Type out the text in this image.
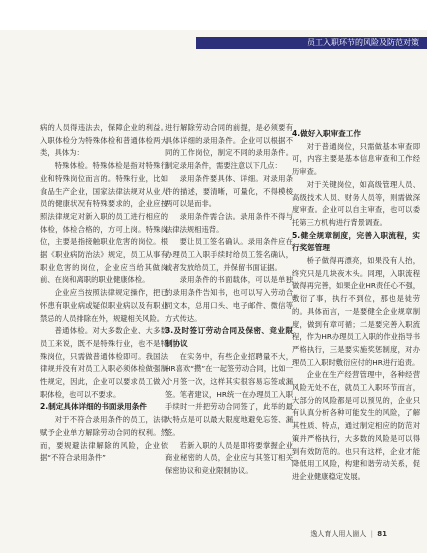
员工入职环节的风险及防范对策

病的人员得违法去，保障企业的利益。入职体检分为特殊体检和普通体检两大类，具体为：

特殊体检。特殊体检是指对特殊行业和特殊岗位而言的。特殊行业，比如食品生产企业，国家法律法规对从业人员的健康状况有特殊要求的，企业应按照法律规定对新入职的员工进行相应的体检，体检合格的，方可上岗。特殊岗位，主要是指接触职业危害的岗位。根据《职业病防治法》规定，员工从事有职业危害的岗位，企业应当给其做岗前、在岗和离职的职业健康体检。

企业应当按照法律规定操作，把已怀患有职业病或疑似职业病以及有职业禁忌的人员排除在外，规避相关风险。

普通体检。对大多数企业、大多数员工来说，既不是特殊行业，也不是特殊岗位，只需做普通体检即可。我国法律规并没有对员工入职必须体检做强制性规定，因此，企业可以要求员工做入职体检，也可以不要求。

2.制定具体详细的书面录用条件

对于不符合录用条件的员工，法律赋予企业单方解除劳动合同的权利。然而，要规避法律解除的风险，企业依据“不符合录用条件”

进行解除劳动合同的前提，是必须要有具体详细的录用条件。企业可以根据不同的工作岗位，制定不同的录用条件。制定录用条件，需要注意以下几点：

录用条件要具体、详细。对录用条件的描述，要清晰，可量化，不得模棱两可以是而非。

录用条件需合法。录用条件不得与法律法规相违背。

要让员工签名确认。录用条件应在办理员工入职手续时给员工签名确认，或者发放给员工，并保留书面证据。

录用条件的书面载体，可以是单独的录用条件告知书，也可以写入劳动合同文本，总用口头、电子邮件、微信等方式传达。

3.及时签订劳动合同及保密、竞业限制协议

在实务中，有些企业招聘量不大，HR喜欢“攒”在一起签劳动合同，比如一个月签一次，这样其实很容易忘签或漏签。笔者建议，HR统一在办理员工入职手续时一并把劳动合同签了，此举的最大特点是可以最大限度地避免忘签、漏签。

若新入职的人员是即将要掌握企业商业秘密的人员，企业应与其签订相关保密协议和竞业限制协议。

4.做好入职审查工作

对于普通岗位，只需做基本审查即可，内容主要是基本信息审查和工作经历审查。

对于关键岗位，如高级管理人员、高级技术人员、财务人员等，则需做深度审查。企业可以自主审查，也可以委托第三方机构进行背景调查。

5.健全规章制度，完善入职流程，实行奖惩管理

桥子做得再漂亮，如果没有人抬，终究只是几块夜木头。同理，入职流程做得再完善，如果企业HR责任心不强，敷衍了事，执行不到位，那也是徒劳的。具体而言，一是要健全企业规章制度，做到有章可循；二是要完善入职流程，作为HR办理员工入职的作业指导书严格执行，三是要实施奖惩制度，对办理员工入职时敷衍应付的HR进行追责。

企业在生产经营管理中，各种经营风险无处不在，就员工入职环节而言，大部分的风险都是可以预见的，企业只有认真分析各种可能发生的风险，了解其性质、特点，通过制定相应的防范对策并严格执行，大多数的风险是可以得到有效防范的。也只有这样，企业才能降低用工风险，构建和谐劳动关系，促进企业健康稳定发展。

逸人育人用人崮人 | 81
